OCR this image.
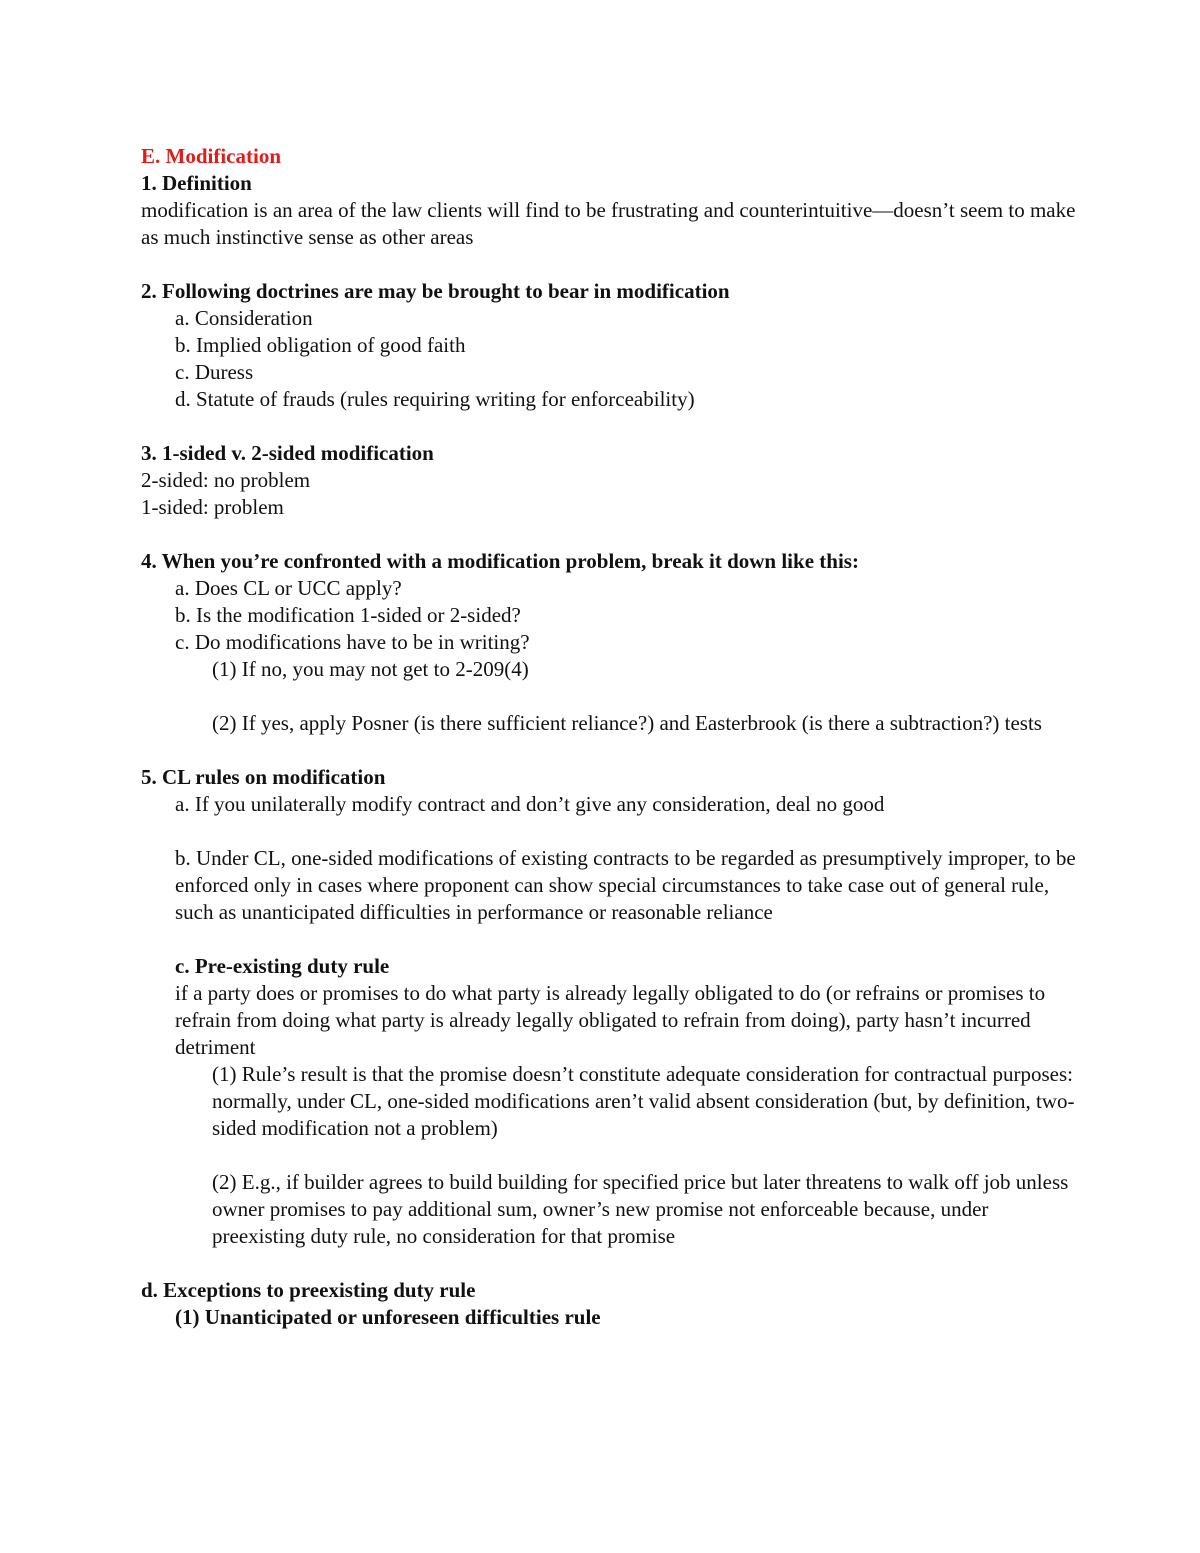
E. Modification
1. Definition
modification is an area of the law clients will find to be frustrating and counterintuitive—doesn’t seem to make as much instinctive sense as other areas
2. Following doctrines are may be brought to bear in modification
a. Consideration
b. Implied obligation of good faith
c. Duress
d. Statute of frauds (rules requiring writing for enforceability)
3. 1-sided v. 2-sided modification
2-sided: no problem
1-sided: problem
4. When you’re confronted with a modification problem, break it down like this:
a. Does CL or UCC apply?
b. Is the modification 1-sided or 2-sided?
c. Do modifications have to be in writing?
(1) If no, you may not get to 2-209(4)
(2) If yes, apply Posner (is there sufficient reliance?) and Easterbrook (is there a subtraction?) tests
5. CL rules on modification
a. If you unilaterally modify contract and don’t give any consideration, deal no good
b. Under CL, one-sided modifications of existing contracts to be regarded as presumptively improper, to be enforced only in cases where proponent can show special circumstances to take case out of general rule, such as unanticipated difficulties in performance or reasonable reliance
c. Pre-existing duty rule
if a party does or promises to do what party is already legally obligated to do (or refrains or promises to refrain from doing what party is already legally obligated to refrain from doing), party hasn’t incurred detriment
(1) Rule’s result is that the promise doesn’t constitute adequate consideration for contractual purposes: normally, under CL, one-sided modifications aren’t valid absent consideration (but, by definition, two-sided modification not a problem)
(2) E.g., if builder agrees to build building for specified price but later threatens to walk off job unless owner promises to pay additional sum, owner’s new promise not enforceable because, under preexisting duty rule, no consideration for that promise
d. Exceptions to preexisting duty rule
(1) Unanticipated or unforeseen difficulties rule
